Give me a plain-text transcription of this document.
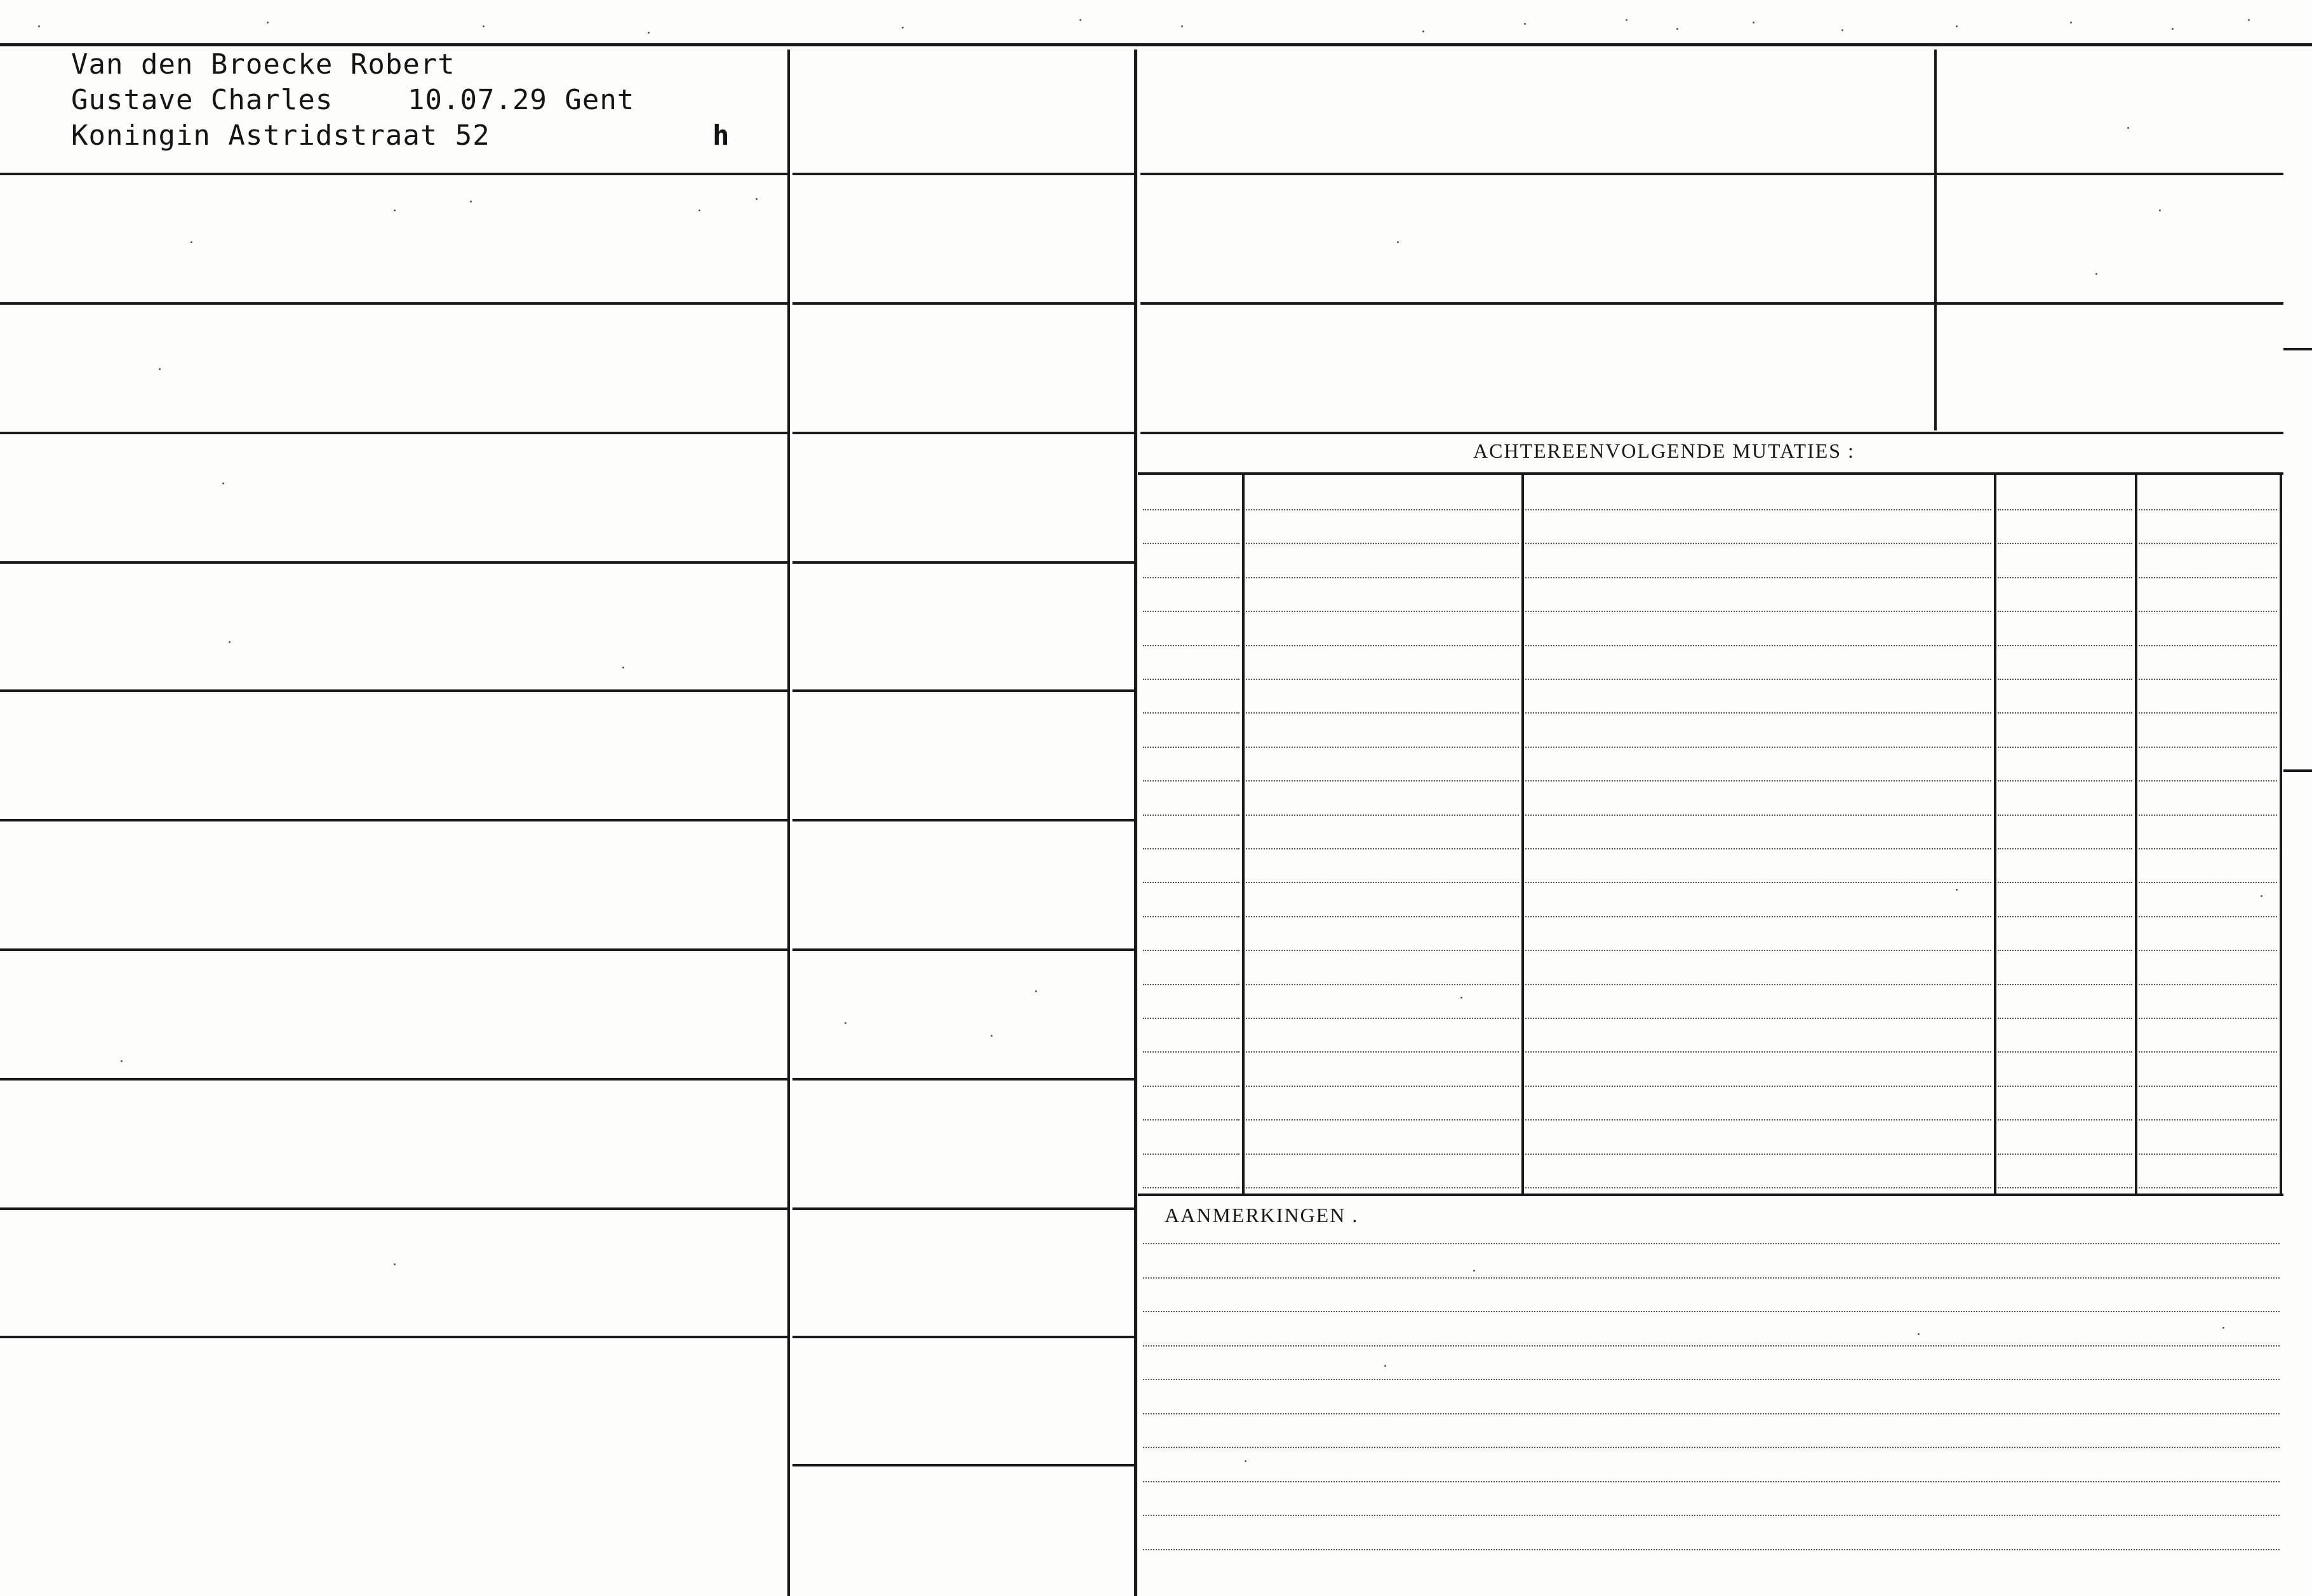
Van den Broecke Robert
Gustave Charles	10.07.29 Gent
Koningin Astridstraat 52	h
ACHTEREENVOLGENDE MUTATIES :
AANMERKINGEN .
